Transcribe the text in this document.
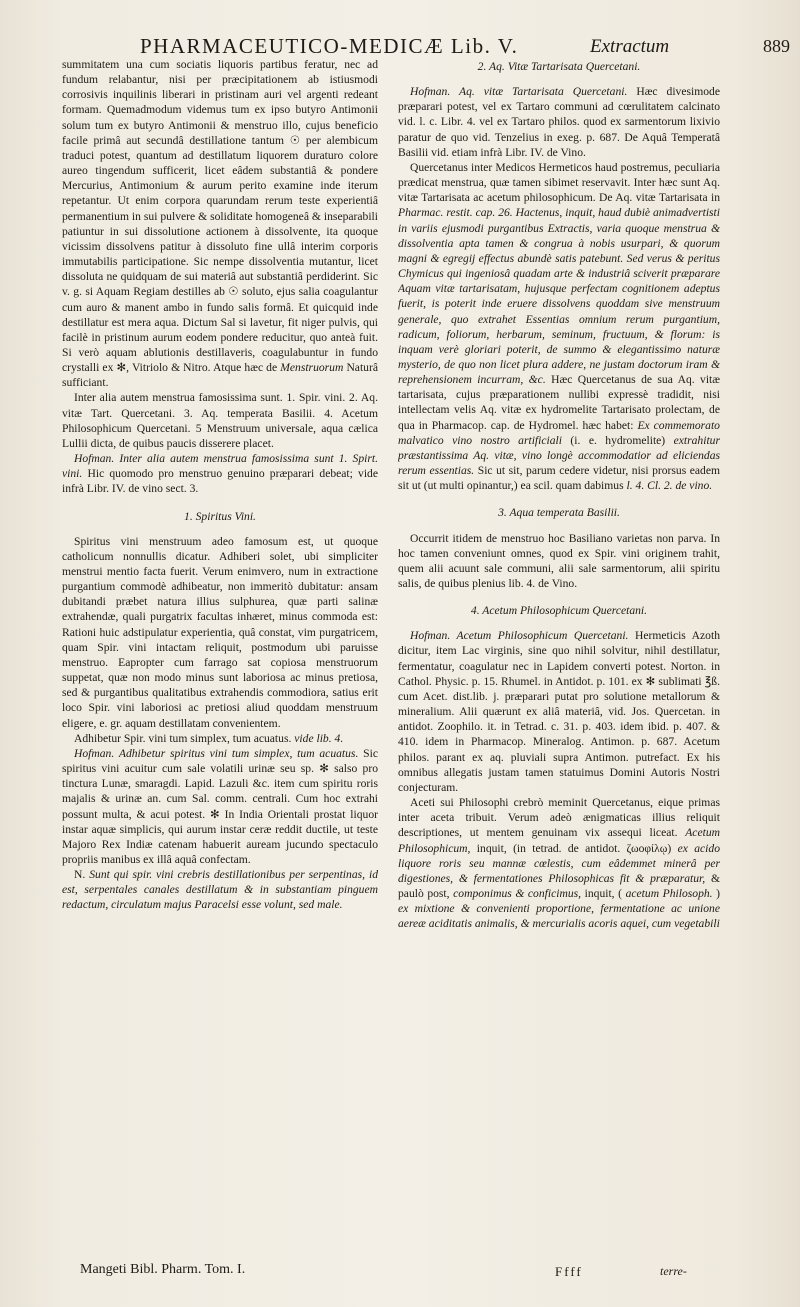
PHARMACEUTICO-MEDICÆ Lib. V.	Extractum	889

summitatem una cum sociatis liquoris partibus feratur, nec ad fundum relabantur, nisi per præcipitationem ab istiusmodi corrosivis inquilinis liberari in pristinam auri vel argenti redeant formam. Quemadmodum videmus tum ex ipso butyro Antimonii solum tum ex butyro Antimonii & menstruo illo, cujus beneficio facile primâ aut secundâ destillatione tantum ☉ per alembicum traduci potest, quantum ad destillatum liquorem duraturo colore aureo tingendum sufficerit, licet eâdem substantiâ & pondere Mercurius, Antimonium & aurum perito examine inde iterum repetantur. Ut enim corpora quarundam rerum teste experientiâ permanentium in sui pulvere & soliditate homogeneâ & inseparabili patiuntur in sui dissolutione actionem à dissolvente, ita quoque vicissim dissolvens patitur à dissoluto fine ullâ interim corporis immutabilis participatione. Sic nempe dissolventia mutantur, licet dissoluta ne quidquam de sui materiâ aut substantiâ perdiderint. Sic v. g. si Aquam Regiam destilles ab ☉ soluto, ejus salia coagulantur cum auro & manent ambo in fundo salis formâ. Et quicquid inde destillatur est mera aqua. Dictum Sal si lavetur, fit niger pulvis, qui facilè in pristinum aurum eodem pondere reducitur, quo anteà fuit. Si verò aquam ablutionis destillaveris, coagulabuntur in fundo crystalli ex ✻, Vitriolo & Nitro. Atque hæc de Menstruorum Naturâ sufficiant.

Inter alia autem menstrua famosissima sunt. 1. Spir. vini. 2. Aq. vitæ Tart. Quercetani. 3. Aq. temperata Basilii. 4. Acetum Philosophicum Quercetani. 5 Menstruum universale, aqua cælica Lullii dicta, de quibus paucis disserere placet.

Hofman. Inter alia autem menstrua famosissima sunt 1. Spirt. vini. Hic quomodo pro menstruo genuino præparari debeat; vide infrà Libr. IV. de vino sect. 3.

1. Spiritus Vini.

Spiritus vini menstruum adeo famosum est, ut quoque catholicum nonnullis dicatur. Adhiberi solet, ubi simpliciter menstrui mentio facta fuerit. Verum enimvero, num in extractione purgantium commodè adhibeatur, non immeritò dubitatur: ansam dubitandi præbet natura illius sulphurea, quæ parti salinæ extrahendæ, quali purgatrix facultas inhæret, minus commoda est: Rationi huic adstipulatur experientia, quâ constat, vim purgatricem, quam Spir. vini intactam reliquit, postmodum ubi paruisse menstruo. Eapropter cum farrago sat copiosa menstruorum suppetat, quæ non modo minus sunt laboriosa ac minus pretiosa, sed & purgantibus qualitatibus extrahendis commodiora, satius erit loco Spir. vini laboriosi ac pretiosi aliud quoddam menstruum eligere, e. gr. aquam destillatam convenientem.

Adhibetur Spir. vini tum simplex, tum acuatus. vide lib. 4.

Hofman. Adhibetur spiritus vini tum simplex, tum acuatus. Sic spiritus vini acuitur cum sale volatili urinæ seu sp. ✻ salso pro tinctura Lunæ, smaragdi. Lapid. Lazuli &c. item cum spiritu roris majalis & urinæ an. cum Sal. comm. centrali. Cum hoc extrahi possunt multa, & acui potest. ✻ In India Orientali prostat liquor instar aquæ simplicis, qui aurum instar ceræ reddit ductile, ut teste Majoro Rex Indiæ catenam habuerit auream jucundo spectaculo propriis manibus ex illâ aquâ confectam.

N. Sunt qui spir. vini crebris destillationibus per serpentinas, id est, serpentales canales destillatum & in substantiam pinguem redactum, circulatum majus Paracelsi esse volunt, sed male.

2. Aq. Vitæ Tartarisata Quercetani.

Hofman. Aq. vitæ Tartarisata Quercetani. Hæc divesimode præparari potest, vel ex Tartaro communi ad cœrulitatem calcinato vid. l. c. Libr. 4. vel ex Tartaro philos. quod ex sarmentorum lixivio paratur de quo vid. Tenzelius in exeg. p. 687. De Aquâ Temperatâ Basilii vid. etiam infrà Libr. IV. de Vino.

Quercetanus inter Medicos Hermeticos haud postremus, peculiaria prædicat menstrua, quæ tamen sibimet reservavit. Inter hæc sunt Aq. vitæ Tartarisata ac acetum philosophicum. De Aq. vitæ Tartarisata in Pharmac. restit. cap. 26. Hactenus, inquit, haud dubiè animadvertisti in variis ejusmodi purgantibus Extractis, varia quoque menstrua & dissolventia apta tamen & congrua à nobis usurpari, & quorum magni & egregij effectus abundè satis patebunt. Sed verus & peritus Chymicus qui ingeniosâ quadam arte & industriâ sciverit præparare Aquam vitæ tartarisatam, hujusque perfectam cognitionem adeptus fuerit, is poterit inde eruere dissolvens quoddam sive menstruum generale, quo extrahet Essentias omnium rerum purgantium, radicum, foliorum, herbarum, seminum, fructuum, & florum: is inquam verè gloriari poterit, de summo & elegantissimo naturæ mysterio, de quo non licet plura addere, ne justam doctorum iram & reprehensionem incurram, &c. Hæc Quercetanus de sua Aq. vitæ tartarisata, cujus præparationem nullibi expressè tradidit, nisi intellectam velis Aq. vitæ ex hydromelite Tartarisato prolectam, de qua in Pharmacop. cap. de Hydromel. hæc habet: Ex commemorato malvatico vino nostro artificiali (i. e. hydromelite) extrahitur præstantissima Aq. vitæ, vino longè accommodatior ad eliciendas rerum essentias. Sic ut sit, parum cedere videtur, nisi prorsus eadem sit ut (ut multi opinantur,) ea scil. quam dabimus l. 4. Cl. 2. de vino.

3. Aqua temperata Basilii.

Occurrit itidem de menstruo hoc Basiliano varietas non parva. In hoc tamen conveniunt omnes, quod ex Spir. vini originem trahit, quem alii acuunt sale communi, alii sale sarmentorum, alii spiritu salis, de quibus plenius lib. 4. de Vino.

4. Acetum Philosophicum Quercetani.

Hofman. Acetum Philosophicum Quercetani. Hermeticis Azoth dicitur, item Lac virginis, sine quo nihil solvitur, nihil destillatur, fermentatur, coagulatur nec in Lapidem converti potest. Norton. in Cathol. Physic. p. 15. Rhumel. in Antidot. p. 101. ex ✻ sublimati ℥ß. cum Acet. dist.lib. j. præparari putat pro solutione metallorum & mineralium. Alii quærunt ex aliâ materiâ, vid. Jos. Quercetan. in antidot. Zoophilo. it. in Tetrad. c. 31. p. 403. idem ibid. p. 407. & 410. idem in Pharmacop. Mineralog. Antimon. p. 687. Acetum philos. parant ex aq. pluviali supra Antimon. putrefact. Ex his omnibus allegatis justam tamen statuimus Domini Autoris Nostri conjecturam.

Aceti sui Philosophi crebrò meminit Quercetanus, eique primas inter aceta tribuit. Verum adeò ænigmaticas illius reliquit descriptiones, ut mentem genuinam vix assequi liceat. Acetum Philosophicum, inquit, (in tetrad. de antidot. ζωοφίλῳ) ex acido liquore roris seu mannæ cœlestis, cum eâdemmet minerâ per digestiones, & fermentationes Philosophicas fit & præparatur, & paulò post, componimus & conficimus, inquit, ( acetum Philosoph. ) ex mixtione & convenienti proportione, fermentatione ac unione aereæ aciditatis animalis, & mercurialis acoris aquei, cum vegetabili

Mangeti Bibl. Pharm. Tom. I.	Ffff	terre-
